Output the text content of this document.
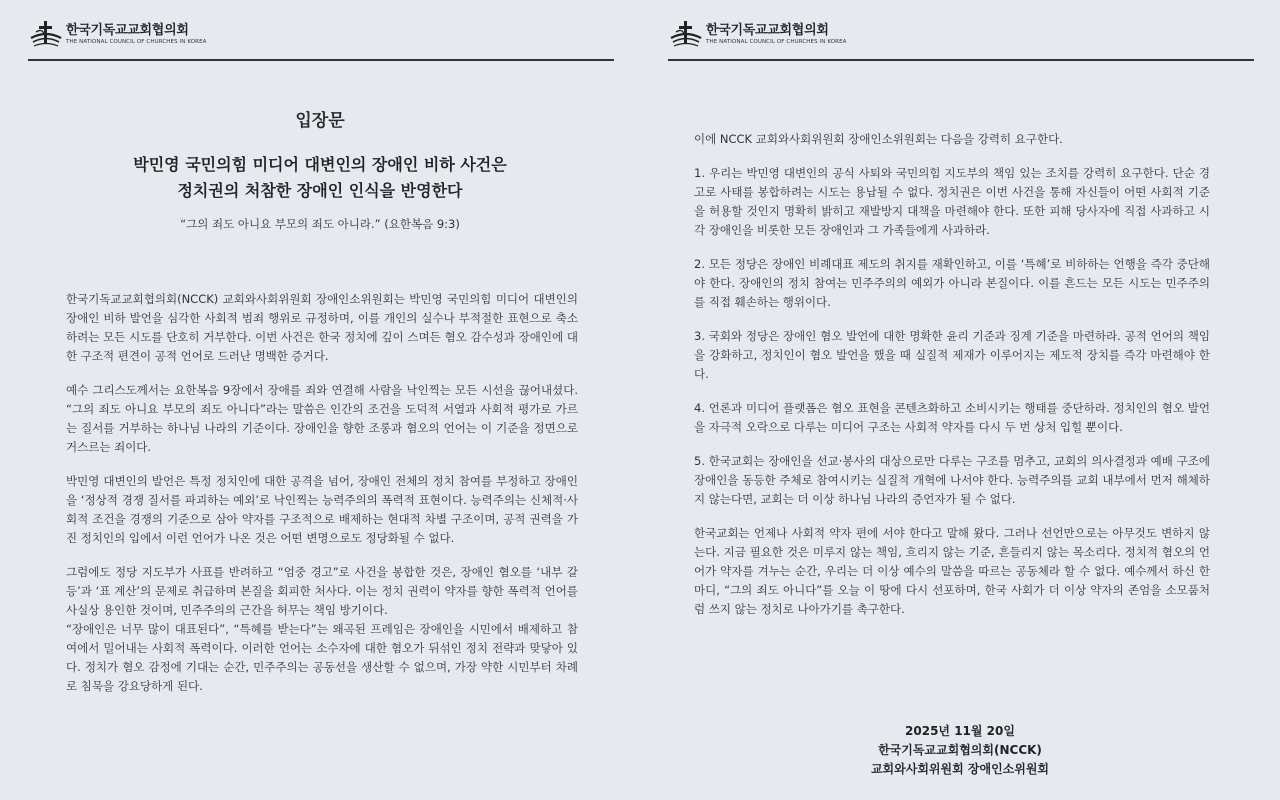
한국기독교교회협의회
THE NATIONAL COUNCIL OF CHURCHES IN KOREA
입장문
박민영 국민의힘 미디어 대변인의 장애인 비하 사건은
정치권의 처참한 장애인 인식을 반영한다
“그의 죄도 아니요 부모의 죄도 아니라.” (요한복음 9:3)

한국기독교교회협의회(NCCK) 교회와사회위원회 장애인소위원회는 박민영 국민의힘 미디어 대변인의 장애인 비하 발언을 심각한 사회적 범죄 행위로 규정하며, 이를 개인의 실수나 부적절한 표현으로 축소하려는 모든 시도를 단호히 거부한다. 이번 사건은 한국 정치에 깊이 스며든 혐오 감수성과 장애인에 대한 구조적 편견이 공적 언어로 드러난 명백한 증거다.

예수 그리스도께서는 요한복음 9장에서 장애를 죄와 연결해 사람을 낙인찍는 모든 시선을 끊어내셨다. “그의 죄도 아니요 부모의 죄도 아니다”라는 말씀은 인간의 조건을 도덕적 서열과 사회적 평가로 가르는 질서를 거부하는 하나님 나라의 기준이다. 장애인을 향한 조롱과 혐오의 언어는 이 기준을 정면으로 거스르는 죄이다.

박민영 대변인의 발언은 특정 정치인에 대한 공격을 넘어, 장애인 전체의 정치 참여를 부정하고 장애인을 ‘정상적 경쟁 질서를 파괴하는 예외’로 낙인찍는 능력주의의 폭력적 표현이다. 능력주의는 신체적·사회적 조건을 경쟁의 기준으로 삼아 약자를 구조적으로 배제하는 현대적 차별 구조이며, 공적 권력을 가진 정치인의 입에서 이런 언어가 나온 것은 어떤 변명으로도 정당화될 수 없다.

그럼에도 정당 지도부가 사표를 반려하고 “엄중 경고”로 사건을 봉합한 것은, 장애인 혐오를 ‘내부 갈등’과 ‘표 계산’의 문제로 취급하며 본질을 회피한 처사다. 이는 정치 권력이 약자를 향한 폭력적 언어를 사실상 용인한 것이며, 민주주의의 근간을 허무는 책임 방기이다.

“장애인은 너무 많이 대표된다”, “특혜를 받는다”는 왜곡된 프레임은 장애인을 시민에서 배제하고 참여에서 밀어내는 사회적 폭력이다. 이러한 언어는 소수자에 대한 혐오가 뒤섞인 정치 전략과 맞닿아 있다. 정치가 혐오 감정에 기대는 순간, 민주주의는 공동선을 생산할 수 없으며, 가장 약한 시민부터 차례로 침묵을 강요당하게 된다.

한국기독교교회협의회
THE NATIONAL COUNCIL OF CHURCHES IN KOREA

이에 NCCK 교회와사회위원회 장애인소위원회는 다음을 강력히 요구한다.

1. 우리는 박민영 대변인의 공식 사퇴와 국민의힘 지도부의 책임 있는 조치를 강력히 요구한다. 단순 경고로 사태를 봉합하려는 시도는 용납될 수 없다. 정치권은 이번 사건을 통해 자신들이 어떤 사회적 기준을 허용할 것인지 명확히 밝히고 재발방지 대책을 마련해야 한다. 또한 피해 당사자에 직접 사과하고 시각 장애인을 비롯한 모든 장애인과 그 가족들에게 사과하라.

2. 모든 정당은 장애인 비례대표 제도의 취지를 재확인하고, 이를 ‘특혜’로 비하하는 언행을 즉각 중단해야 한다. 장애인의 정치 참여는 민주주의의 예외가 아니라 본질이다. 이를 흔드는 모든 시도는 민주주의를 직접 훼손하는 행위이다.

3. 국회와 정당은 장애인 혐오 발언에 대한 명확한 윤리 기준과 징계 기준을 마련하라. 공적 언어의 책임을 강화하고, 정치인이 혐오 발언을 했을 때 실질적 제재가 이루어지는 제도적 장치를 즉각 마련해야 한다.

4. 언론과 미디어 플랫폼은 혐오 표현을 콘텐츠화하고 소비시키는 행태를 중단하라. 정치인의 혐오 발언을 자극적 오락으로 다루는 미디어 구조는 사회적 약자를 다시 두 번 상처 입힐 뿐이다.

5. 한국교회는 장애인을 선교·봉사의 대상으로만 다루는 구조를 멈추고, 교회의 의사결정과 예배 구조에 장애인을 동등한 주체로 참여시키는 실질적 개혁에 나서야 한다. 능력주의를 교회 내부에서 먼저 해체하지 않는다면, 교회는 더 이상 하나님 나라의 증언자가 될 수 없다.

한국교회는 언제나 사회적 약자 편에 서야 한다고 말해 왔다. 그러나 선언만으로는 아무것도 변하지 않는다. 지금 필요한 것은 미루지 않는 책임, 흐리지 않는 기준, 흔들리지 않는 목소리다. 정치적 혐오의 언어가 약자를 겨누는 순간, 우리는 더 이상 예수의 말씀을 따르는 공동체라 할 수 없다. 예수께서 하신 한 마디, “그의 죄도 아니다”를 오늘 이 땅에 다시 선포하며, 한국 사회가 더 이상 약자의 존엄을 소모품처럼 쓰지 않는 정치로 나아가기를 촉구한다.

2025년 11월 20일
한국기독교교회협의회(NCCK)
교회와사회위원회 장애인소위원회
